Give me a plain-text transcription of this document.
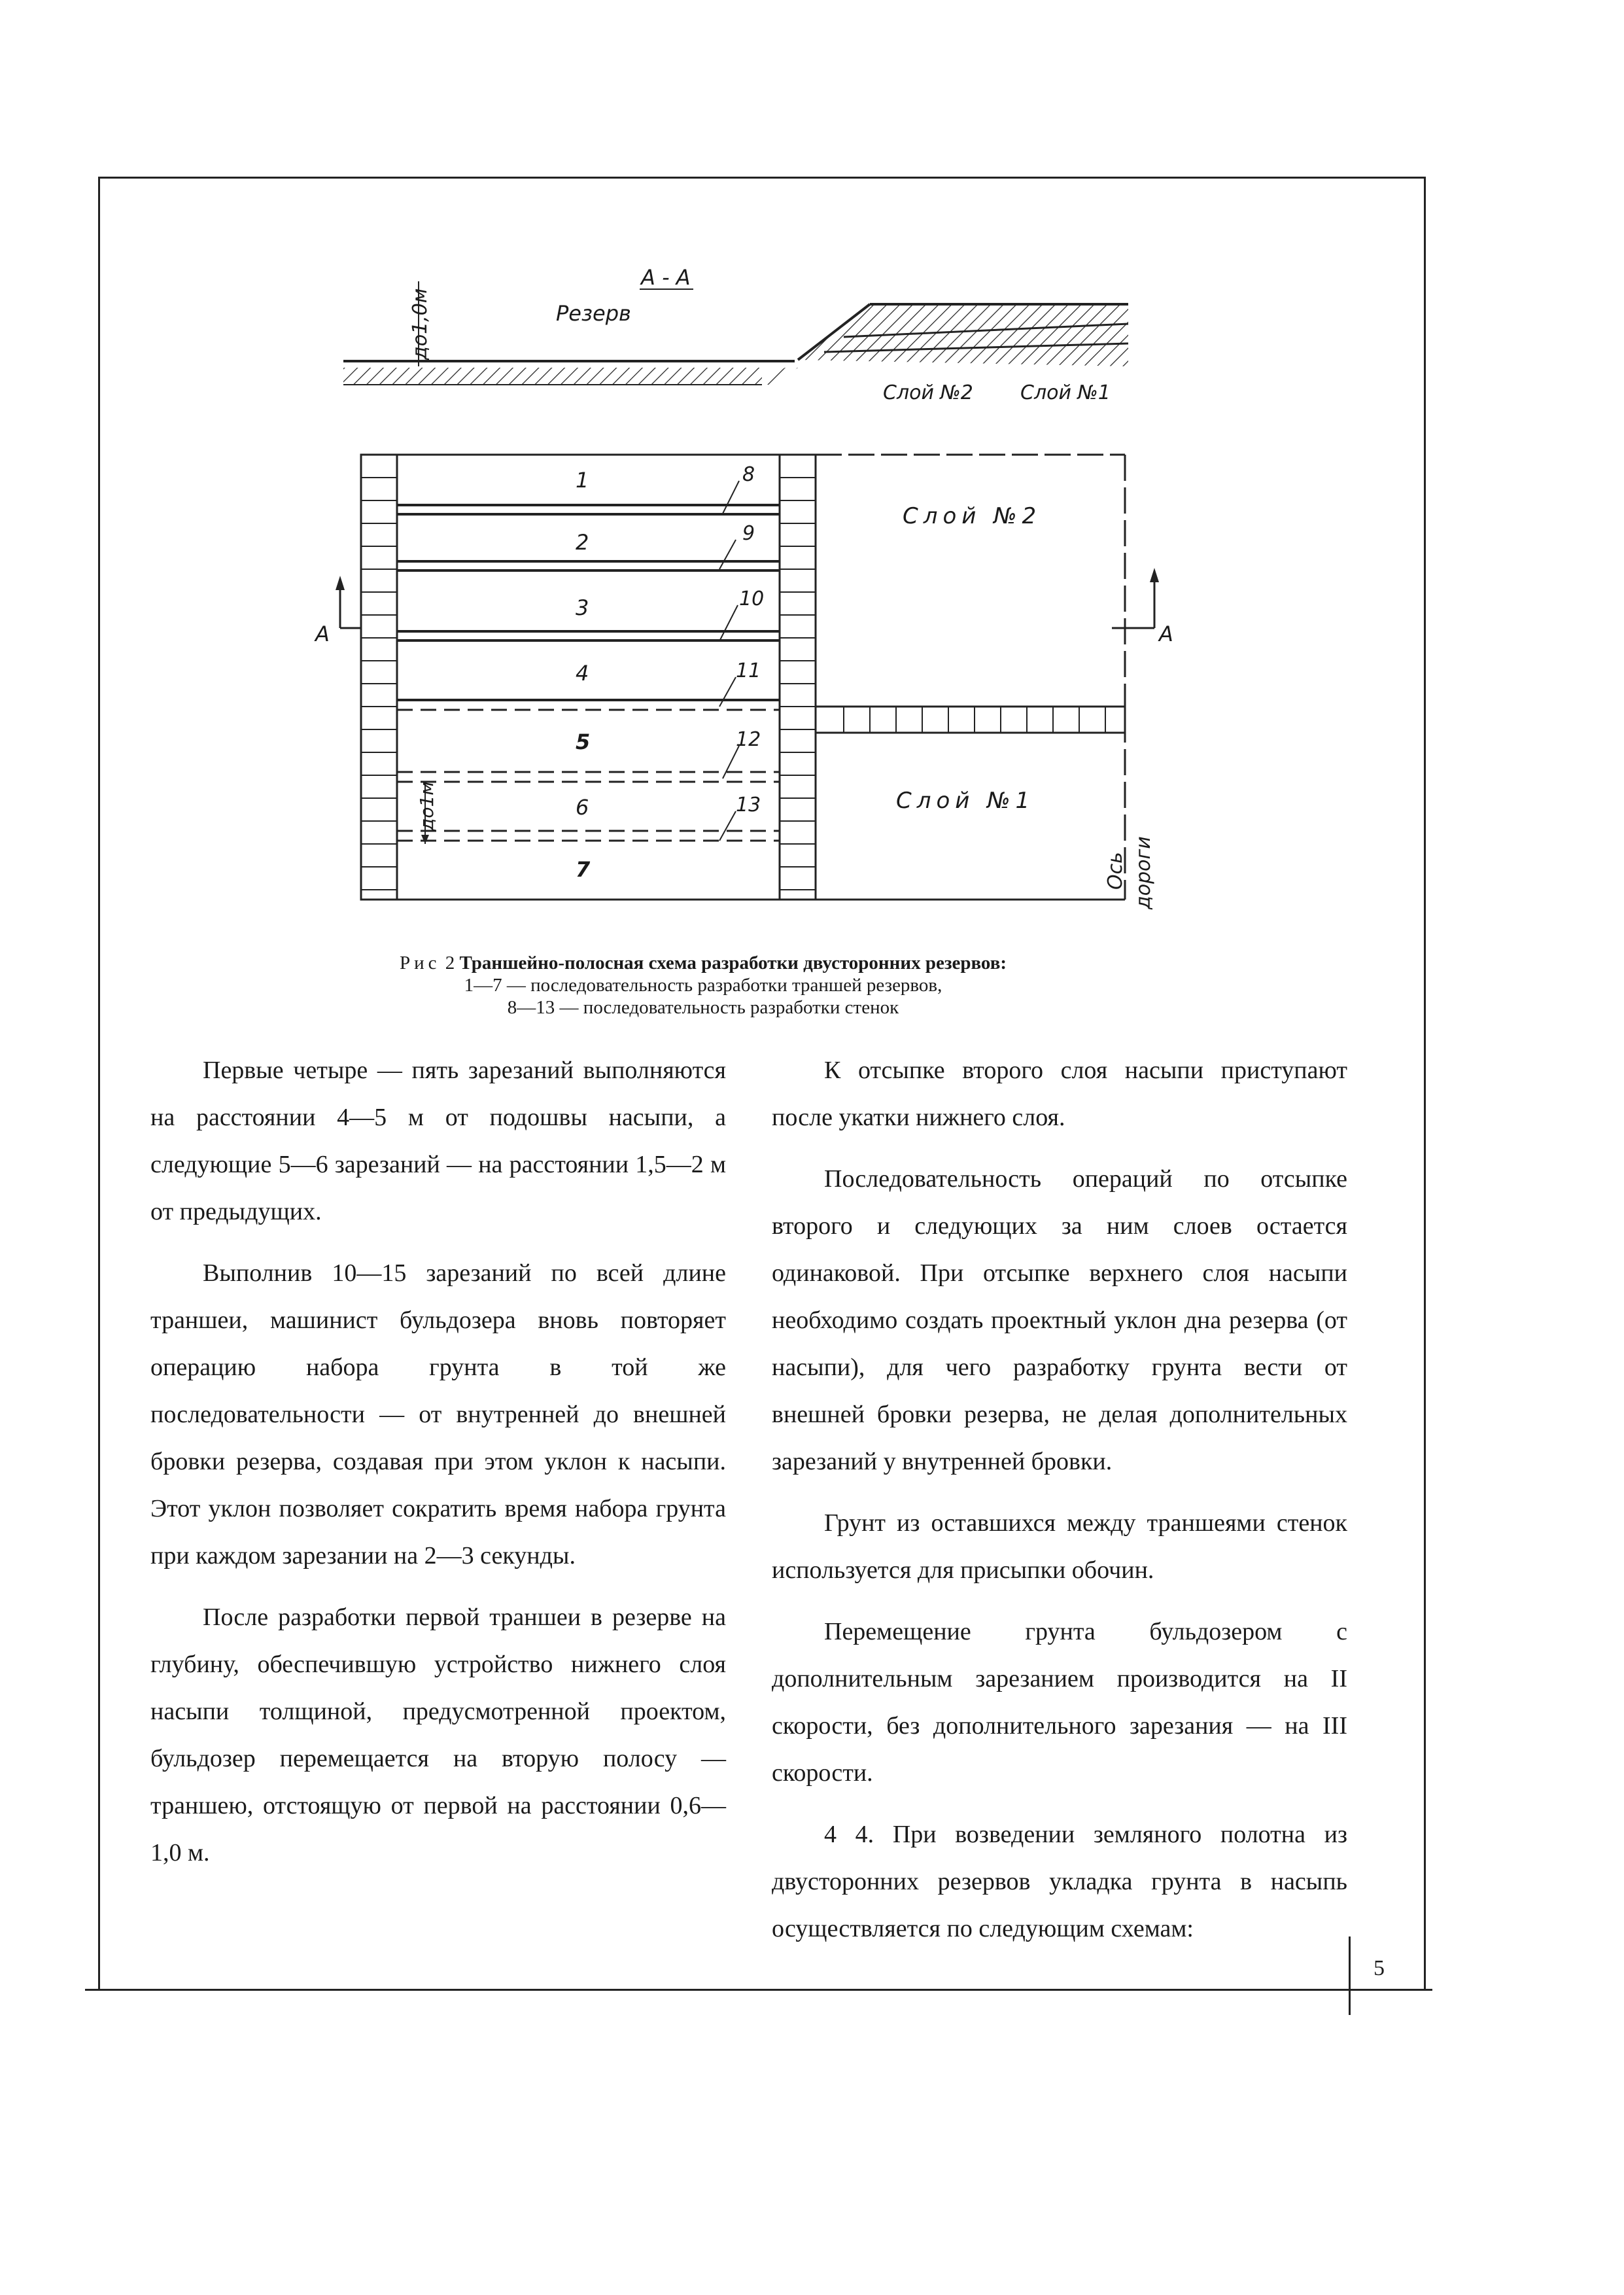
5
до1,0м
А - А
Резерв
Слой №2 Слой №1
А	А
1
2
3
4
5
6
7
8
9
10
11
12
13
до1м
Слой №2
Слой №1
Ось дороги
Рис 2 Траншейно-полосная схема разработки двусторонних резервов:
1—7 — последовательность разработки траншей резервов,
8—13 — последовательность разработки стенок

Первые четыре — пять зарезаний выполняются на расстоянии 4—5 м от подошвы насыпи, а следующие 5—6 зарезаний — на расстоянии 1,5—2 м от предыдущих.

Выполнив 10—15 зарезаний по всей длине траншеи, машинист бульдозера вновь повторяет операцию набора грунта в той же последовательности — от внутренней до внешней бровки резерва, создавая при этом уклон к насыпи. Этот уклон позволяет сократить время набора грунта при каждом зарезании на 2—3 секунды.

После разработки первой траншеи в резерве на глубину, обеспечившую устройство нижнего слоя насыпи толщиной, предусмотренной проектом, бульдозер перемещается на вторую полосу — траншею, отстоящую от первой на расстоянии 0,6—1,0 м.

К отсыпке второго слоя насыпи приступают после укатки нижнего слоя.

Последовательность операций по отсыпке второго и следующих за ним слоев остается одинаковой. При отсыпке верхнего слоя насыпи необходимо создать проектный уклон дна резерва (от насыпи), для чего разработку грунта вести от внешней бровки резерва, не делая дополнительных зарезаний у внутренней бровки.

Грунт из оставшихся между траншеями стенок используется для присыпки обочин.

Перемещение грунта бульдозером с дополнительным зарезанием производится на II скорости, без дополнительного зарезания — на III скорости.

4 4. При возведении земляного полотна из двусторонних резервов укладка грунта в насыпь осуществляется по следующим схемам:
